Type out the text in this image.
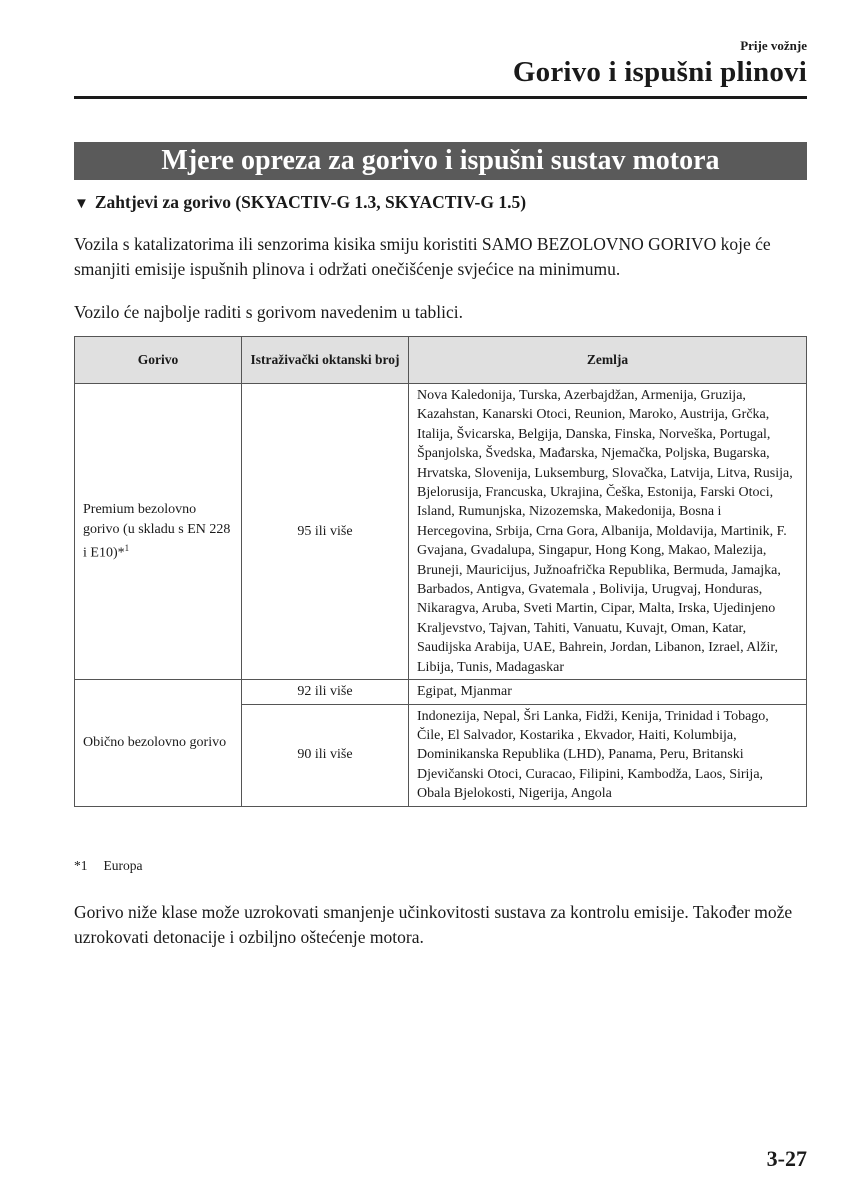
Prije vožnje
Gorivo i ispušni plinovi
Mjere opreza za gorivo i ispušni sustav motora
▼ Zahtjevi za gorivo (SKYACTIV-G 1.3, SKYACTIV-G 1.5)
Vozila s katalizatorima ili senzorima kisika smiju koristiti SAMO BEZOLOVNO GORIVO koje će smanjiti emisije ispušnih plinova i održati onečišćenje svjećice na minimumu.
Vozilo će najbolje raditi s gorivom navedenim u tablici.
Gorivo	Istraživački oktanski broj	Zemlja
Premium bezolovno gorivo (u skladu s EN 228 i E10)*$^1$	95 ili više	Nova Kaledonija, Turska, Azerbajdžan, Armenija, Gruzija, Kazahstan, Kanarski Otoci, Reunion, Maroko, Austrija, Grčka, Italija, Švicarska, Belgija, Danska, Finska, Norveška, Portugal, Španjolska, Švedska, Mađarska, Njemačka, Poljska, Bugarska, Hrvatska, Slovenija, Luksemburg, Slovačka, Latvija, Litva, Rusija, Bjelorusija, Francuska, Ukrajina, Češka, Estonija, Farski Otoci, Island, Rumunjska, Nizozemska, Makedonija, Bosna i Hercegovina, Srbija, Crna Gora, Albanija, Moldavija, Martinik, F. Gvajana, Gvadalupa, Singapur, Hong Kong, Makao, Malezija, Bruneji, Mauricijus, Južnoafrička Republika, Bermuda, Jamajka, Barbados, Antigva, Gvatemala , Bolivija, Urugvaj, Honduras, Nikaragva, Aruba, Sveti Martin, Cipar, Malta, Irska, Ujedinjeno Kraljevstvo, Tajvan, Tahiti, Vanuatu, Kuvajt, Oman, Katar, Saudijska Arabija, UAE, Bahrein, Jordan, Libanon, Izrael, Alžir, Libija, Tunis, Madagaskar
Obično bezolovno gorivo	92 ili više	Egipat, Mjanmar
	90 ili više	Indonezija, Nepal, Šri Lanka, Fidži, Kenija, Trinidad i Tobago, Čile, El Salvador, Kostarika , Ekvador, Haiti, Kolumbija, Dominikanska Republika (LHD), Panama, Peru, Britanski Djevičanski Otoci, Curacao, Filipini, Kambodža, Laos, Sirija, Obala Bjelokosti, Nigerija, Angola
*1 Europa
Gorivo niže klase može uzrokovati smanjenje učinkovitosti sustava za kontrolu emisije. Također može uzrokovati detonacije i ozbiljno oštećenje motora.
3-27
